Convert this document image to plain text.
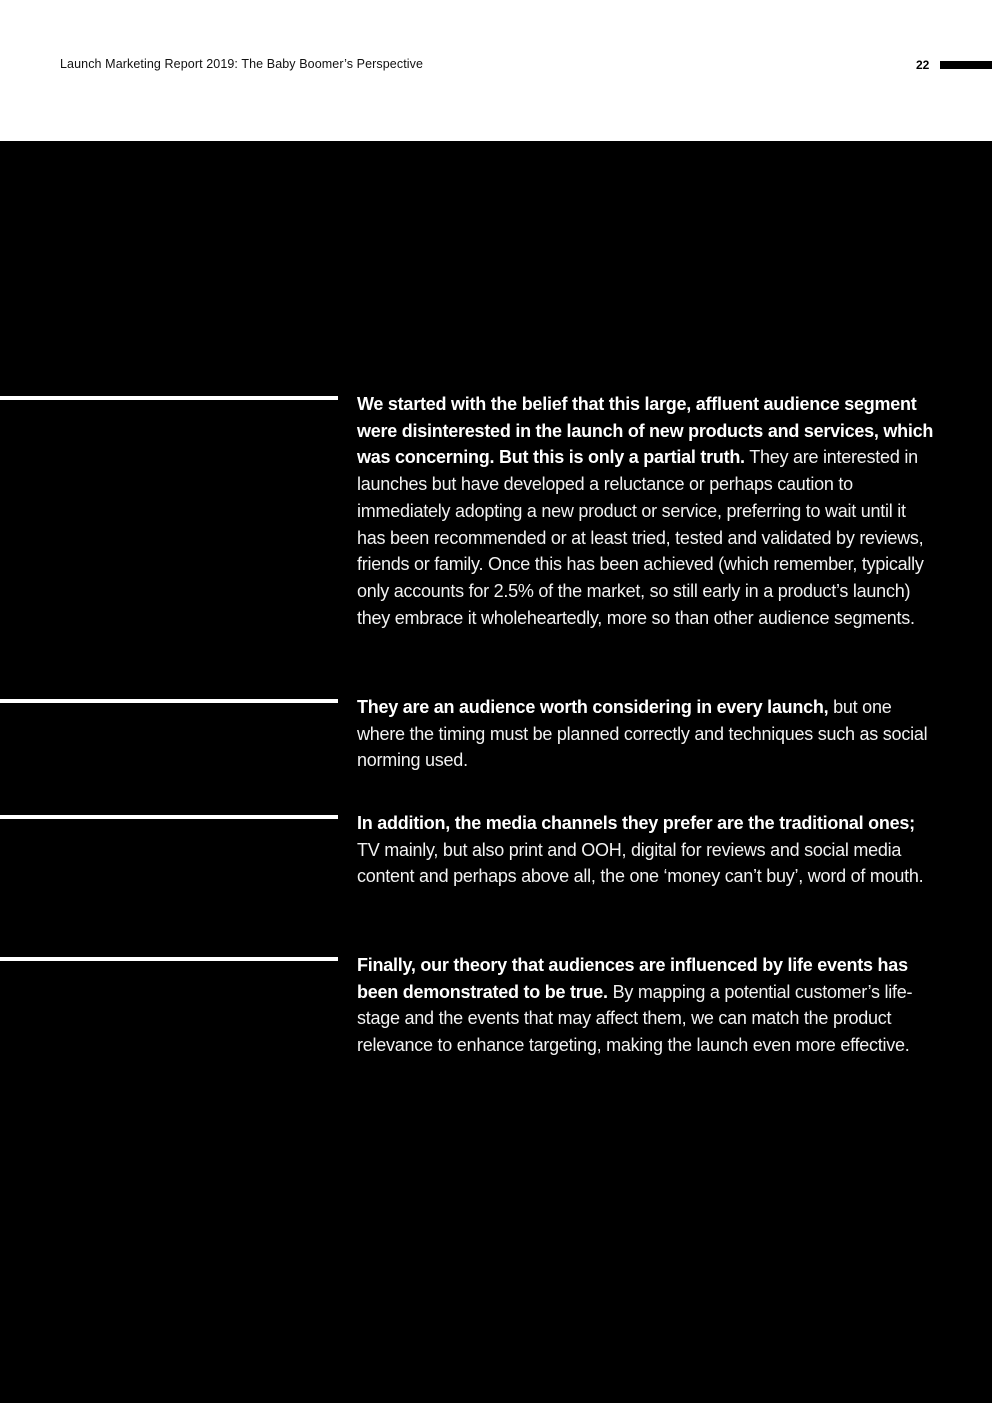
Launch Marketing Report 2019: The Baby Boomer’s Perspective	22
We started with the belief that this large, affluent audience segment were disinterested in the launch of new products and services, which was concerning. But this is only a partial truth. They are interested in launches but have developed a reluctance or perhaps caution to immediately adopting a new product or service, preferring to wait until it has been recommended or at least tried, tested and validated by reviews, friends or family. Once this has been achieved (which remember, typically only accounts for 2.5% of the market, so still early in a product’s launch) they embrace it wholeheartedly, more so than other audience segments.
They are an audience worth considering in every launch, but one where the timing must be planned correctly and techniques such as social norming used.
In addition, the media channels they prefer are the traditional ones; TV mainly, but also print and OOH, digital for reviews and social media content and perhaps above all, the one ‘money can’t buy’, word of mouth.
Finally, our theory that audiences are influenced by life events has been demonstrated to be true. By mapping a potential customer’s life-stage and the events that may affect them, we can match the product relevance to enhance targeting, making the launch even more effective.
